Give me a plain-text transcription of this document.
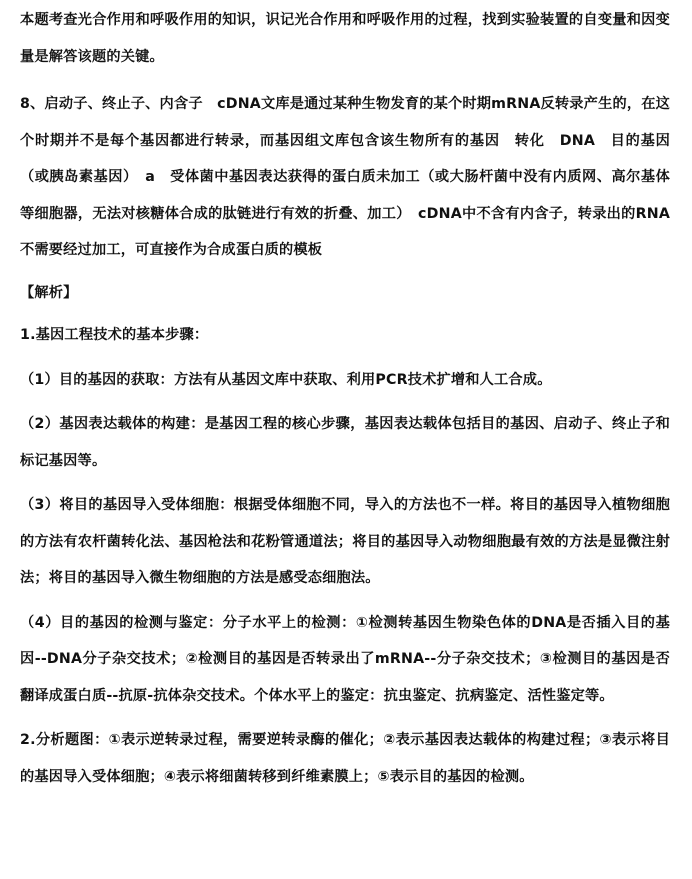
本题考查光合作用和呼吸作用的知识，识记光合作用和呼吸作用的过程，找到实验装置的自变量和因变量是解答该题的关键。

8、启动子、终止子、内含子　cDNA文库是通过某种生物发育的某个时期mRNA反转录产生的，在这个时期并不是每个基因都进行转录，而基因组文库包含该生物所有的基因　转化　DNA　目的基因（或胰岛素基因）　a　受体菌中基因表达获得的蛋白质未加工（或大肠杆菌中没有内质网、高尔基体等细胞器，无法对核糖体合成的肽链进行有效的折叠、加工）　cDNA中不含有内含子，转录出的RNA不需要经过加工，可直接作为合成蛋白质的模板

【解析】

1.基因工程技术的基本步骤：

（1）目的基因的获取：方法有从基因文库中获取、利用PCR技术扩增和人工合成。

（2）基因表达载体的构建：是基因工程的核心步骤，基因表达载体包括目的基因、启动子、终止子和标记基因等。

（3）将目的基因导入受体细胞：根据受体细胞不同，导入的方法也不一样。将目的基因导入植物细胞的方法有农杆菌转化法、基因枪法和花粉管通道法；将目的基因导入动物细胞最有效的方法是显微注射法；将目的基因导入微生物细胞的方法是感受态细胞法。

（4）目的基因的检测与鉴定：分子水平上的检测：①检测转基因生物染色体的DNA是否插入目的基因--DNA分子杂交技术；②检测目的基因是否转录出了mRNA--分子杂交技术；③检测目的基因是否翻译成蛋白质--抗原-抗体杂交技术。个体水平上的鉴定：抗虫鉴定、抗病鉴定、活性鉴定等。

2.分析题图：①表示逆转录过程，需要逆转录酶的催化；②表示基因表达载体的构建过程；③表示将目的基因导入受体细胞；④表示将细菌转移到纤维素膜上；⑤表示目的基因的检测。
